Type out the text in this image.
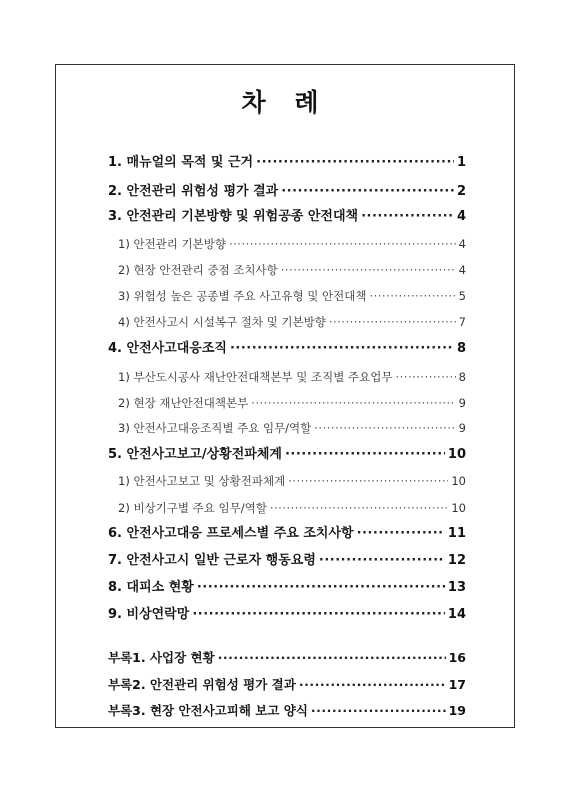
차 례
1. 매뉴얼의 목적 및 근거 ·····	1
2. 안전관리 위험성 평가 결과 ·····	2
3. 안전관리 기본방향 및 위험공종 안전대책 ·····	4
1) 안전관리 기본방향 ·····	4
2) 현장 안전관리 중점 조치사항 ·····	4
3) 위험성 높은 공종별 주요 사고유형 및 안전대책 ·····	5
4) 안전사고시 시설복구 절차 및 기본방향 ·····	7
4. 안전사고대응조직 ·····	8
1) 부산도시공사 재난안전대책본부 및 조직별 주요업무 ·····	8
2) 현장 재난안전대책본부 ·····	9
3) 안전사고대응조직별 주요 임무/역할 ·····	9
5. 안전사고보고/상황전파체계 ·····	10
1) 안전사고보고 및 상황전파체계 ·····	10
2) 비상기구별 주요 임무/역할 ·····	10
6. 안전사고대응 프로세스별 주요 조치사항 ·····	11
7. 안전사고시 일반 근로자 행동요령 ·····	12
8. 대피소 현황 ·····	13
9. 비상연락망 ·····	14
부록1. 사업장 현황 ·····	16
부록2. 안전관리 위험성 평가 결과 ·····	17
부록3. 현장 안전사고피해 보고 양식 ·····	19
